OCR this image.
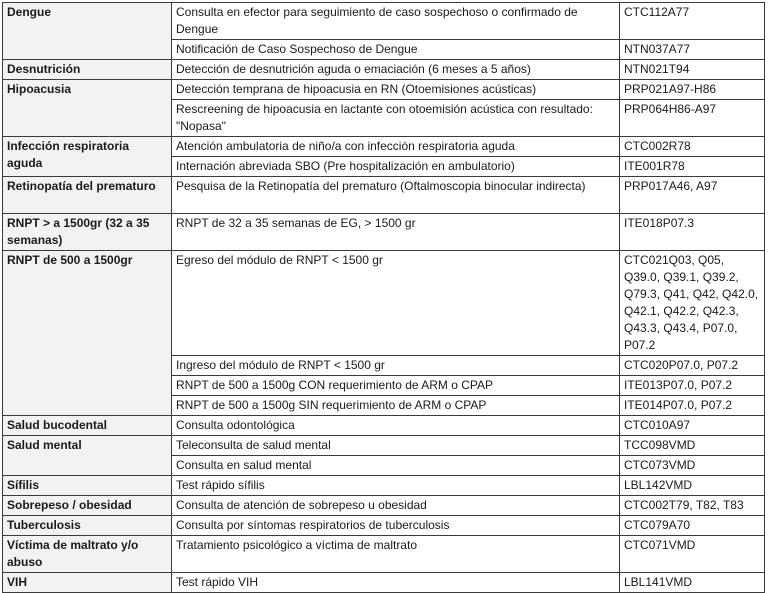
Dengue	Consulta en efector para seguimiento de caso sospechoso o confirmado de Dengue	CTC112A77
	Notificación de Caso Sospechoso de Dengue	NTN037A77
Desnutrición	Detección de desnutrición aguda o emaciación (6 meses a 5 años)	NTN021T94
Hipoacusia	Detección temprana de hipoacusia en RN (Otoemisiones acústicas)	PRP021A97-H86
	Rescreening de hipoacusia en lactante con otoemisión acústica con resultado: "Nopasa"	PRP064H86-A97
Infección respiratoria aguda	Atención ambulatoria de niño/a con infección respiratoria aguda	CTC002R78
	Internación abreviada SBO (Pre hospitalización en ambulatorio)	ITE001R78
Retinopatía del prematuro	Pesquisa de la Retinopatía del prematuro (Oftalmoscopia binocular indirecta)	PRP017A46, A97
RNPT > a 1500gr (32 a 35 semanas)	RNPT de 32 a 35 semanas de EG, > 1500 gr	ITE018P07.3
RNPT de 500 a 1500gr	Egreso del módulo de RNPT < 1500 gr	CTC021Q03, Q05, Q39.0, Q39.1, Q39.2, Q79.3, Q41, Q42, Q42.0, Q42.1, Q42.2, Q42.3, Q43.3, Q43.4, P07.0, P07.2
	Ingreso del módulo de RNPT < 1500 gr	CTC020P07.0, P07.2
	RNPT de 500 a 1500g CON requerimiento de ARM o CPAP	ITE013P07.0, P07.2
	RNPT de 500 a 1500g SIN requerimiento de ARM o CPAP	ITE014P07.0, P07.2
Salud bucodental	Consulta odontológica	CTC010A97
Salud mental	Teleconsulta de salud mental	TCC098VMD
	Consulta en salud mental	CTC073VMD
Sífilis	Test rápido sífilis	LBL142VMD
Sobrepeso / obesidad	Consulta de atención de sobrepeso u obesidad	CTC002T79, T82, T83
Tuberculosis	Consulta por síntomas respiratorios de tuberculosis	CTC079A70
Víctima de maltrato y/o abuso	Tratamiento psicológico a víctima de maltrato	CTC071VMD
VIH	Test rápido VIH	LBL141VMD
